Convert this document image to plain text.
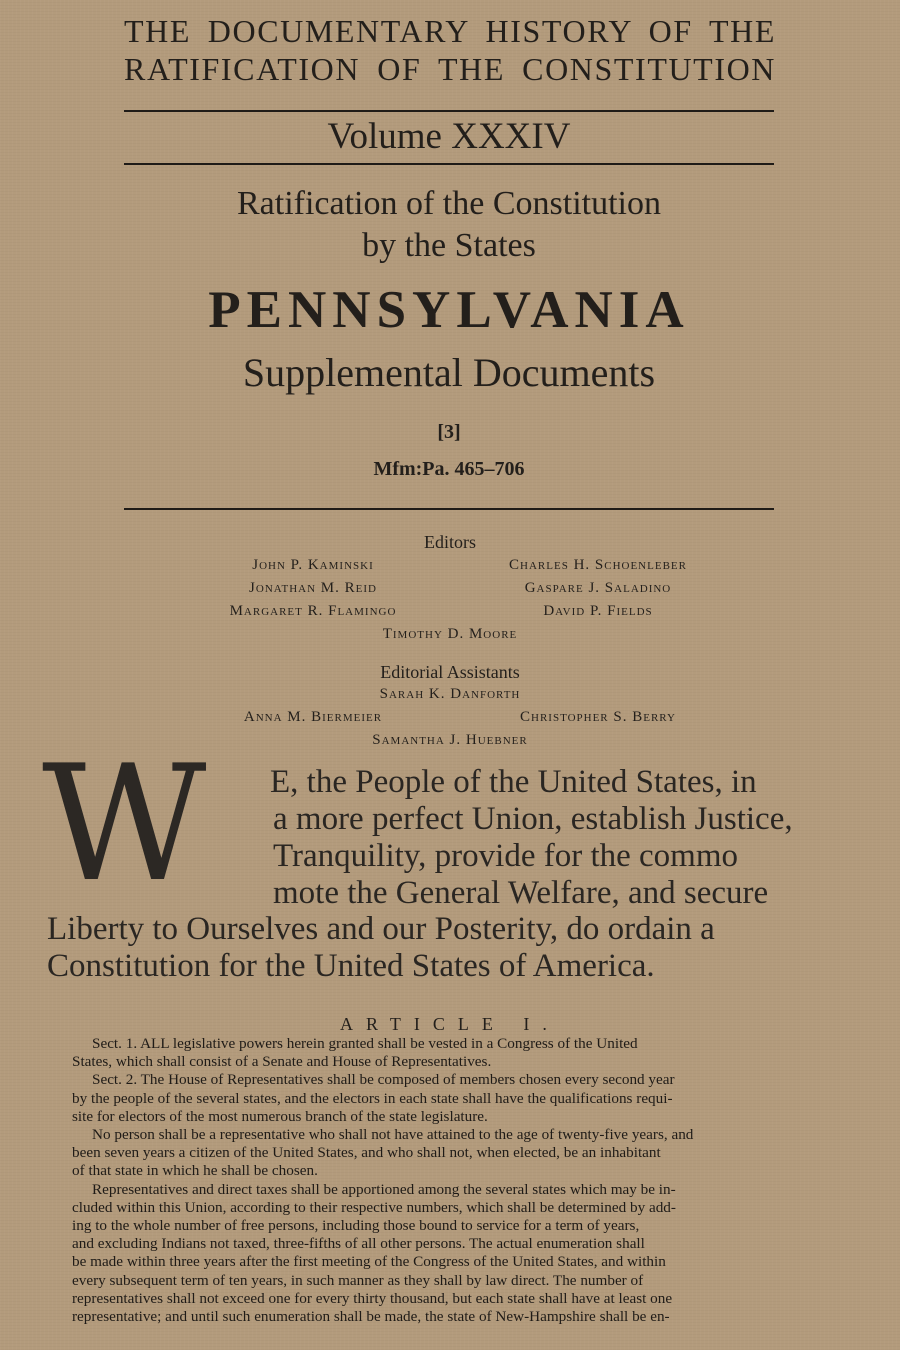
THE DOCUMENTARY HISTORY OF THE
RATIFICATION OF THE CONSTITUTION
Volume XXXIV
Ratification of the Constitution
by the States
PENNSYLVANIA
Supplemental Documents
[3]
Mfm:Pa. 465–706
Editors
John P. Kaminski	Charles H. Schoenleber
Jonathan M. Reid	Gaspare J. Saladino
Margaret R. Flamingo	David P. Fields
Timothy D. Moore
Editorial Assistants
Sarah K. Danforth
Anna M. Biermeier	Christopher S. Berry
Samantha J. Huebner
W E, the People of the United States, in
a more perfect Union, establish Justice,
Tranquility, provide for the commo
mote the General Welfare, and secure
Liberty to Ourselves and our Posterity, do ordain a
Constitution for the United States of America.
ARTICLE I.
Sect. 1. ALL legislative powers herein granted shall be vested in a Congress of the United
States, which shall consist of a Senate and House of Representatives.
Sect. 2. The House of Representatives shall be composed of members chosen every second year
by the people of the several states, and the electors in each state shall have the qualifications requi-
site for electors of the most numerous branch of the state legislature.
No person shall be a representative who shall not have attained to the age of twenty-five years, and
been seven years a citizen of the United States, and who shall not, when elected, be an inhabitant
of that state in which he shall be chosen.
Representatives and direct taxes shall be apportioned among the several states which may be in-
cluded within this Union, according to their respective numbers, which shall be determined by add-
ing to the whole number of free persons, including those bound to service for a term of years,
and excluding Indians not taxed, three-fifths of all other persons. The actual enumeration shall
be made within three years after the first meeting of the Congress of the United States, and within
every subsequent term of ten years, in such manner as they shall by law direct. The number of
representatives shall not exceed one for every thirty thousand, but each state shall have at least one
representative; and until such enumeration shall be made, the state of New-Hampshire shall be en-
